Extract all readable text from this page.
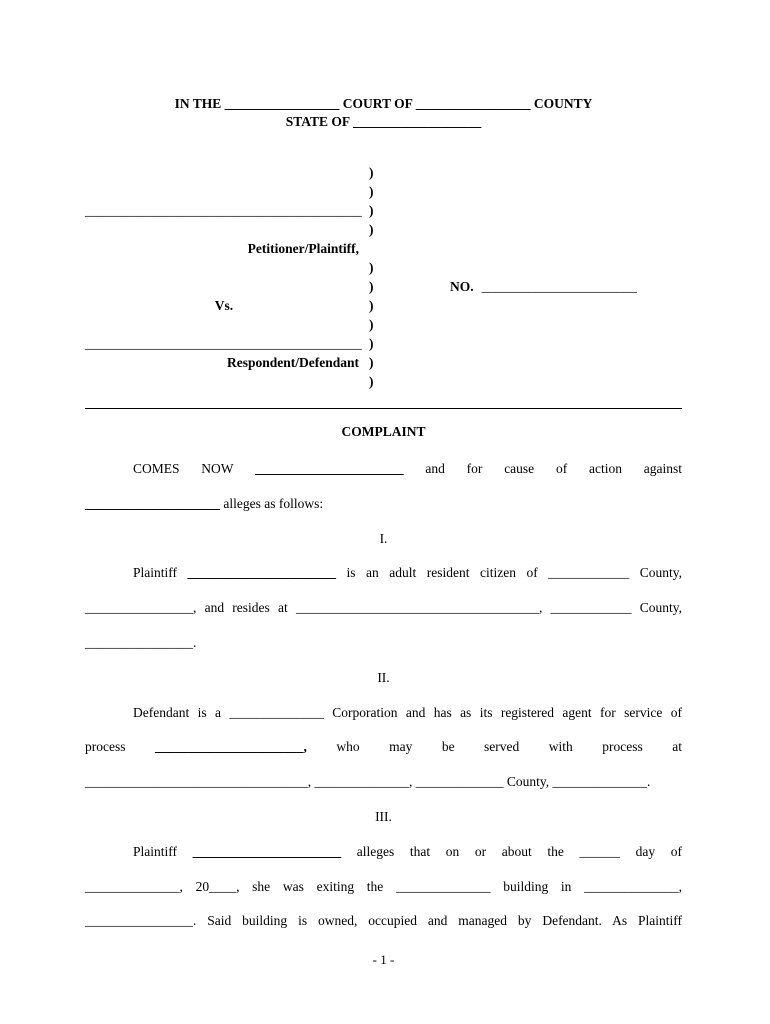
IN THE _________________ COURT OF _________________ COUNTY
STATE OF ___________________
)
)
_________________________________________ )
)
Petitioner/Plaintiff,
)
)	NO. _______________________
Vs.	)
)
_________________________________________ )
Respondent/Defendant )
)
COMPLAINT
COMES NOW ______________________ and for cause of action against
____________________ alleges as follows:
I.
Plaintiff ______________________ is an adult resident citizen of ____________ County,
________________, and resides at ____________________________________, ____________ County,
________________.
II.
Defendant is a ______________ Corporation and has as its registered agent for service of
process ______________________, who may be served with process at
_________________________________, ______________, _____________ County, ______________.
III.
Plaintiff ______________________ alleges that on or about the ______ day of
______________, 20____, she was exiting the ______________ building in ______________,
________________. Said building is owned, occupied and managed by Defendant. As Plaintiff
- 1 -
